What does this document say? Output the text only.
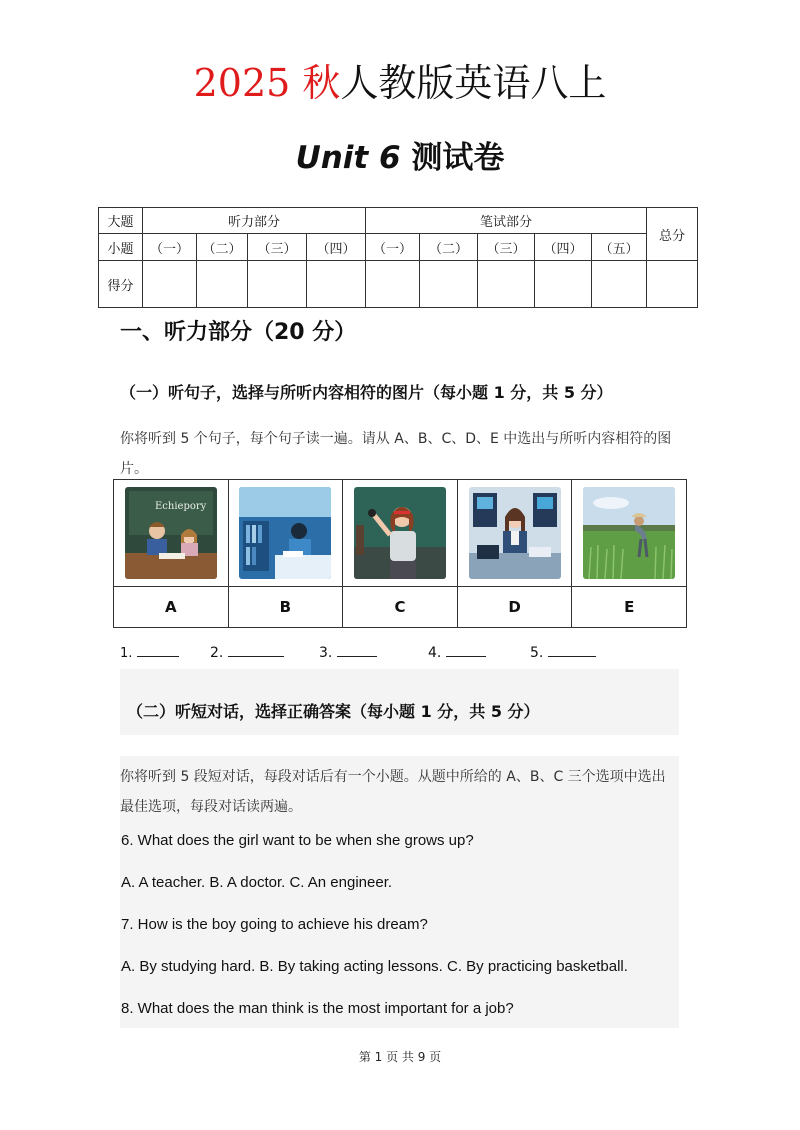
2025 秋人教版英语八上
Unit 6 测试卷
大题	听力部分				笔试部分					总分
小题	（一）	（二）	（三）	（四）	（一）	（二）	（三）	（四）	（五）	
得分										
一、听力部分（20 分）
（一）听句子，选择与所听内容相符的图片（每小题 1 分，共 5 分）
你将听到 5 个句子，每个句子读一遍。请从 A、B、C、D、E 中选出与所听内容相符的图片。
Echiepory

A	B	C	D	E
1.	2.	3.	4.	5.
（二）听短对话，选择正确答案（每小题 1 分，共 5 分）
你将听到 5 段短对话，每段对话后有一个小题。从题中所给的 A、B、C 三个选项中选出最佳选项，每段对话读两遍。
6. What does the girl want to be when she grows up?
A. A teacher. B. A doctor. C. An engineer.
7. How is the boy going to achieve his dream?
A. By studying hard. B. By taking acting lessons. C. By practicing basketball.
8. What does the man think is the most important for a job?
第 1 页 共 9 页
